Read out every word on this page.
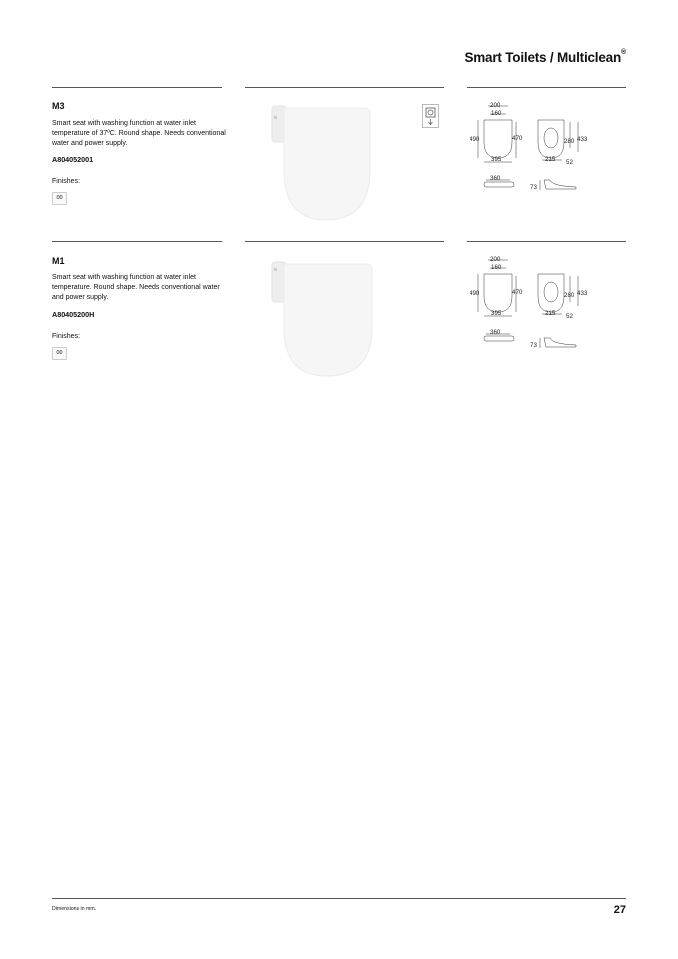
Smart Toilets / Multiclean®
M3
Smart seat with washing function at water inlet temperature of 37ºC. Round shape. Needs conventional water and power supply.
A804052001
Finishes:
00
200
160
490	470
395
280 433
215 52
360
73
M1
Smart seat with washing function at water inlet temperature. Round shape. Needs conventional water and power supply.
A80405200H
Finishes:
00
200
160
490	470
395
280 433
215 52
360
73
Dimensions in mm.	27
